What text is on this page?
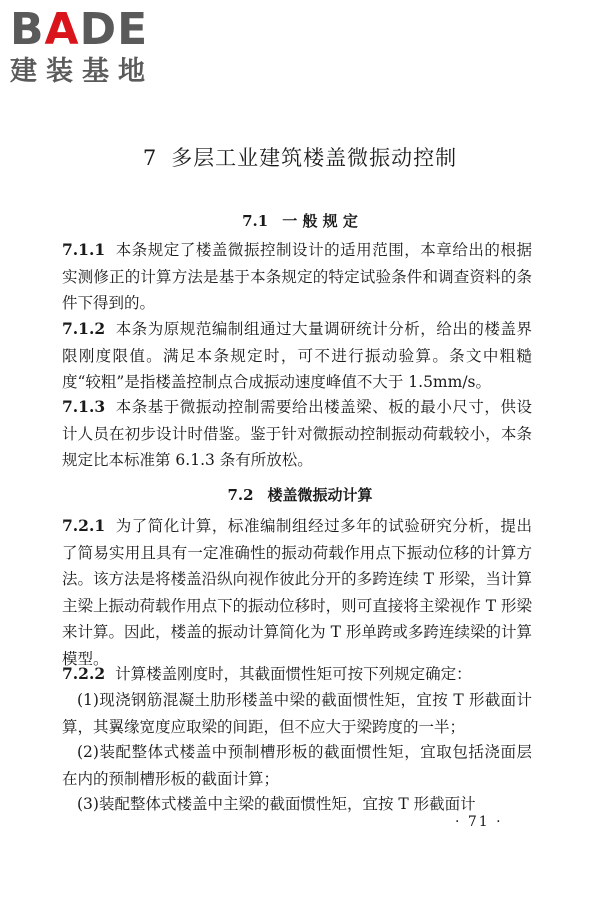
BADE
建装基地
7 多层工业建筑楼盖微振动控制
7.1 一 般 规 定
7.1.1 本条规定了楼盖微振控制设计的适用范围，本章给出的根据实测修正的计算方法是基于本条规定的特定试验条件和调查资料的条件下得到的。
7.1.2 本条为原规范编制组通过大量调研统计分析，给出的楼盖界限刚度限值。满足本条规定时，可不进行振动验算。条文中粗糙度“较粗”是指楼盖控制点合成振动速度峰值不大于 1.5mm/s。
7.1.3 本条基于微振动控制需要给出楼盖梁、板的最小尺寸，供设计人员在初步设计时借鉴。鉴于针对微振动控制振动荷载较小，本条规定比本标准第 6.1.3 条有所放松。
7.2 楼盖微振动计算
7.2.1 为了简化计算，标准编制组经过多年的试验研究分析，提出了简易实用且具有一定准确性的振动荷载作用点下振动位移的计算方法。该方法是将楼盖沿纵向视作彼此分开的多跨连续 T 形梁，当计算主梁上振动荷载作用点下的振动位移时，则可直接将主梁视作 T 形梁来计算。因此，楼盖的振动计算简化为 T 形单跨或多跨连续梁的计算模型。
7.2.2 计算楼盖刚度时，其截面惯性矩可按下列规定确定：
(1)现浇钢筋混凝土肋形楼盖中梁的截面惯性矩，宜按 T 形截面计算，其翼缘宽度应取梁的间距，但不应大于梁跨度的一半；
(2)装配整体式楼盖中预制槽形板的截面惯性矩，宜取包括浇面层在内的预制槽形板的截面计算；
(3)装配整体式楼盖中主梁的截面惯性矩，宜按 T 形截面计
· 71 ·
